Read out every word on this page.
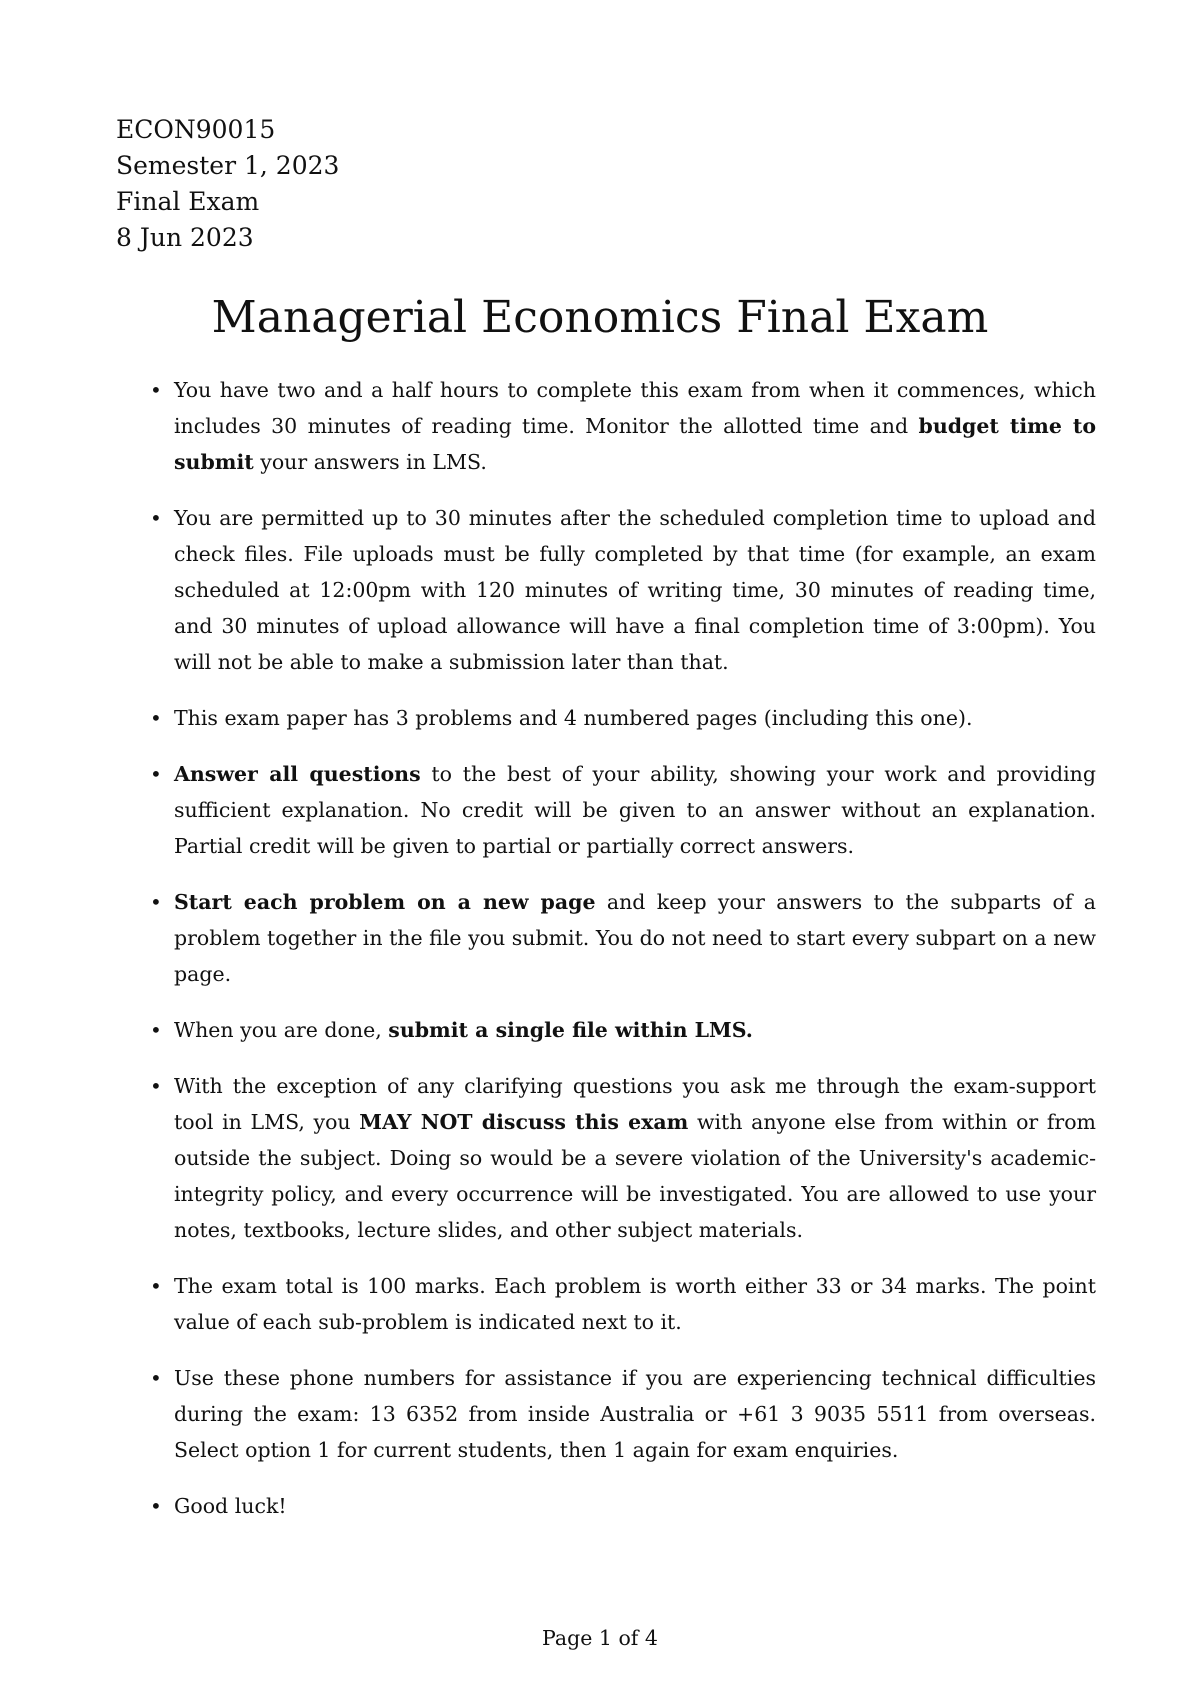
ECON90015
Semester 1, 2023
Final Exam
8 Jun 2023
Managerial Economics Final Exam
• You have two and a half hours to complete this exam from when it commences, which includes 30 minutes of reading time. Monitor the allotted time and budget time to submit your answers in LMS.
• You are permitted up to 30 minutes after the scheduled completion time to upload and check files. File uploads must be fully completed by that time (for example, an exam scheduled at 12:00pm with 120 minutes of writing time, 30 minutes of reading time, and 30 minutes of upload allowance will have a final completion time of 3:00pm). You will not be able to make a submission later than that.
• This exam paper has 3 problems and 4 numbered pages (including this one).
• Answer all questions to the best of your ability, showing your work and providing sufficient explanation. No credit will be given to an answer without an explanation. Partial credit will be given to partial or partially correct answers.
• Start each problem on a new page and keep your answers to the subparts of a problem together in the file you submit. You do not need to start every subpart on a new page.
• When you are done, submit a single file within LMS.
• With the exception of any clarifying questions you ask me through the exam-support tool in LMS, you MAY NOT discuss this exam with anyone else from within or from outside the subject. Doing so would be a severe violation of the University's academic-integrity policy, and every occurrence will be investigated. You are allowed to use your notes, textbooks, lecture slides, and other subject materials.
• The exam total is 100 marks. Each problem is worth either 33 or 34 marks. The point value of each sub-problem is indicated next to it.
• Use these phone numbers for assistance if you are experiencing technical difficulties during the exam: 13 6352 from inside Australia or +61 3 9035 5511 from overseas. Select option 1 for current students, then 1 again for exam enquiries.
• Good luck!
Page 1 of 4
